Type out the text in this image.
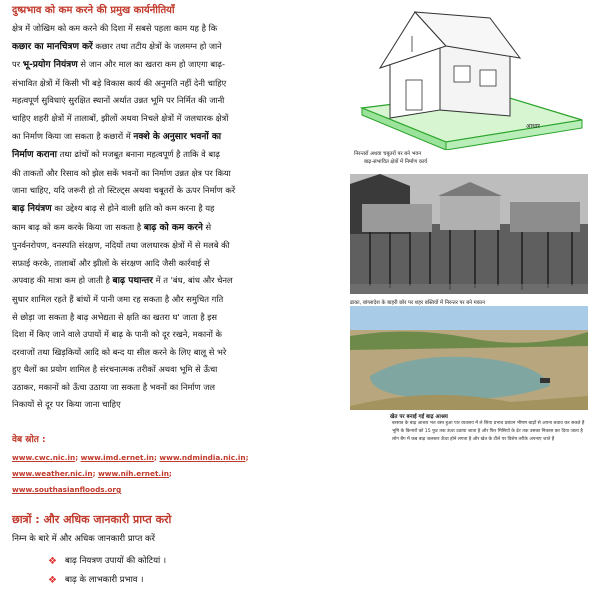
दुष्प्रभाव को कम करने की प्रमुख कार्यनीतियाँ
क्षेत्र में जोखिम को कम करने की दिशा में सबसे पहला काम यह है कि
कछार का मानचित्रण करें कछार तथा तटीय क्षेत्रों के जलमग्न हो जाने
पर भू-प्रयोग नियंत्रण से जान और माल का खतरा कम हो जाएगा बाढ़-
संभावित क्षेत्रों में किसी भी बड़े विकास कार्य की अनुमति नहीं देनी चाहिए
महत्वपूर्ण सुविधाएं सुरक्षित स्थानों अर्थात उन्नत भूमि पर निर्मित की जानी
चाहिए शहरी क्षेत्रों में तालाबों, झीलों अथवा निचले क्षेत्रों में जलधारक क्षेत्रों
का निर्माण किया जा सकता है कछारों में नक्शे के अनुसार भवनों का
निर्माण कराना तथा ढांचों को मजबूत बनाना महत्वपूर्ण है ताकि वे बाढ़
की ताकतों और रिसाव को झेल सकें भवनों का निर्माण उन्नत क्षेत्र पर किया
जाना चाहिए, यदि जरूरी हो तो स्टिल्ट्स अथवा चबूतरों के ऊपर निर्माण करें
बाढ़ नियंत्रण का उद्देश्य बाढ़ से होने वाली क्षति को कम करना है यह
काम बाढ़ को कम करके किया जा सकता है बाढ़ को कम करने से
पुनर्वनरोपण, वनस्पति संरक्षण, नदियों तथा जलधारक क्षेत्रों में से मलबे की
सफ़ाई करके, तालाबों और झीलों के संरक्षण आदि जैसी कार्रवाई से
अपवाह की मात्रा कम हो जाती है बाढ़ पथान्तर में त 'बंध, बांध और चेनल
सुधार शामिल रहते हैं बांधों में पानी जमा रह सकता है और समुचित गति
से छोड़ा जा सकता है बाढ़ अभेद्यता से क्षति का खतरा घ' जाता है इस
दिशा में किए जाने वाले उपायों में बाढ़ के पानी को दूर रखने, मकानों के
दरवाजों तथा खिड़कियों आदि को बन्द या सील करने के लिए बालू से भरे
हुए थैलों का प्रयोग शामिल है संरचनात्मक तरीकों अथवा भूमि से ऊँचा
उठाकर, मकानों को ऊँचा उठाया जा सकता है भवनों का निर्माण जल
निकायों से दूर पर किया जाना चाहिए
वेब स्रोत :
www.cwc.nic.in; www.imd.ernet.in; www.ndmindia.nic.in;
www.weather.nic.in; www.nih.ernet.in;
www.southasianfloods.org
छात्रों : और अधिक जानकारी प्राप्त करो
निम्न के बारे में और अधिक जानकारी प्राप्त करें
❖ बाढ़ नियत्रण उपायों की कोटियां ।
❖ बाढ़ के लाभकारी प्रभाव ।
आधार
निरन्तरों अथवा चबूतरों पर बने भवन
बाढ़-संभावित क्षेत्रों में निर्माण कार्य
ढाका, बांग्लादेश के बाहरी छोर पर शहर बस्तियों में निरन्तर पर बने मकान
खेत पर बनाई गई बाढ़ आश्रय
बरसात के बाढ़ आश्रय भत वस्त्र हुआ पार व्यवसय में ले सिया प्रभाव प्रबंधन भीषण बाढ़ों से अपना बचाव कर सकते हैं भूमि के किनारों को 15 फुट तक ऊंचा उठाया जाता है और फिर मिसियों के ढेर तक उसका निकास कर दिया जाता है लोग बैंग में कब बाढ़ जलस्तर ऊँचा होने लगता है और खेत के टीले पर विशेष तरीके अपनाए जाते हैं
